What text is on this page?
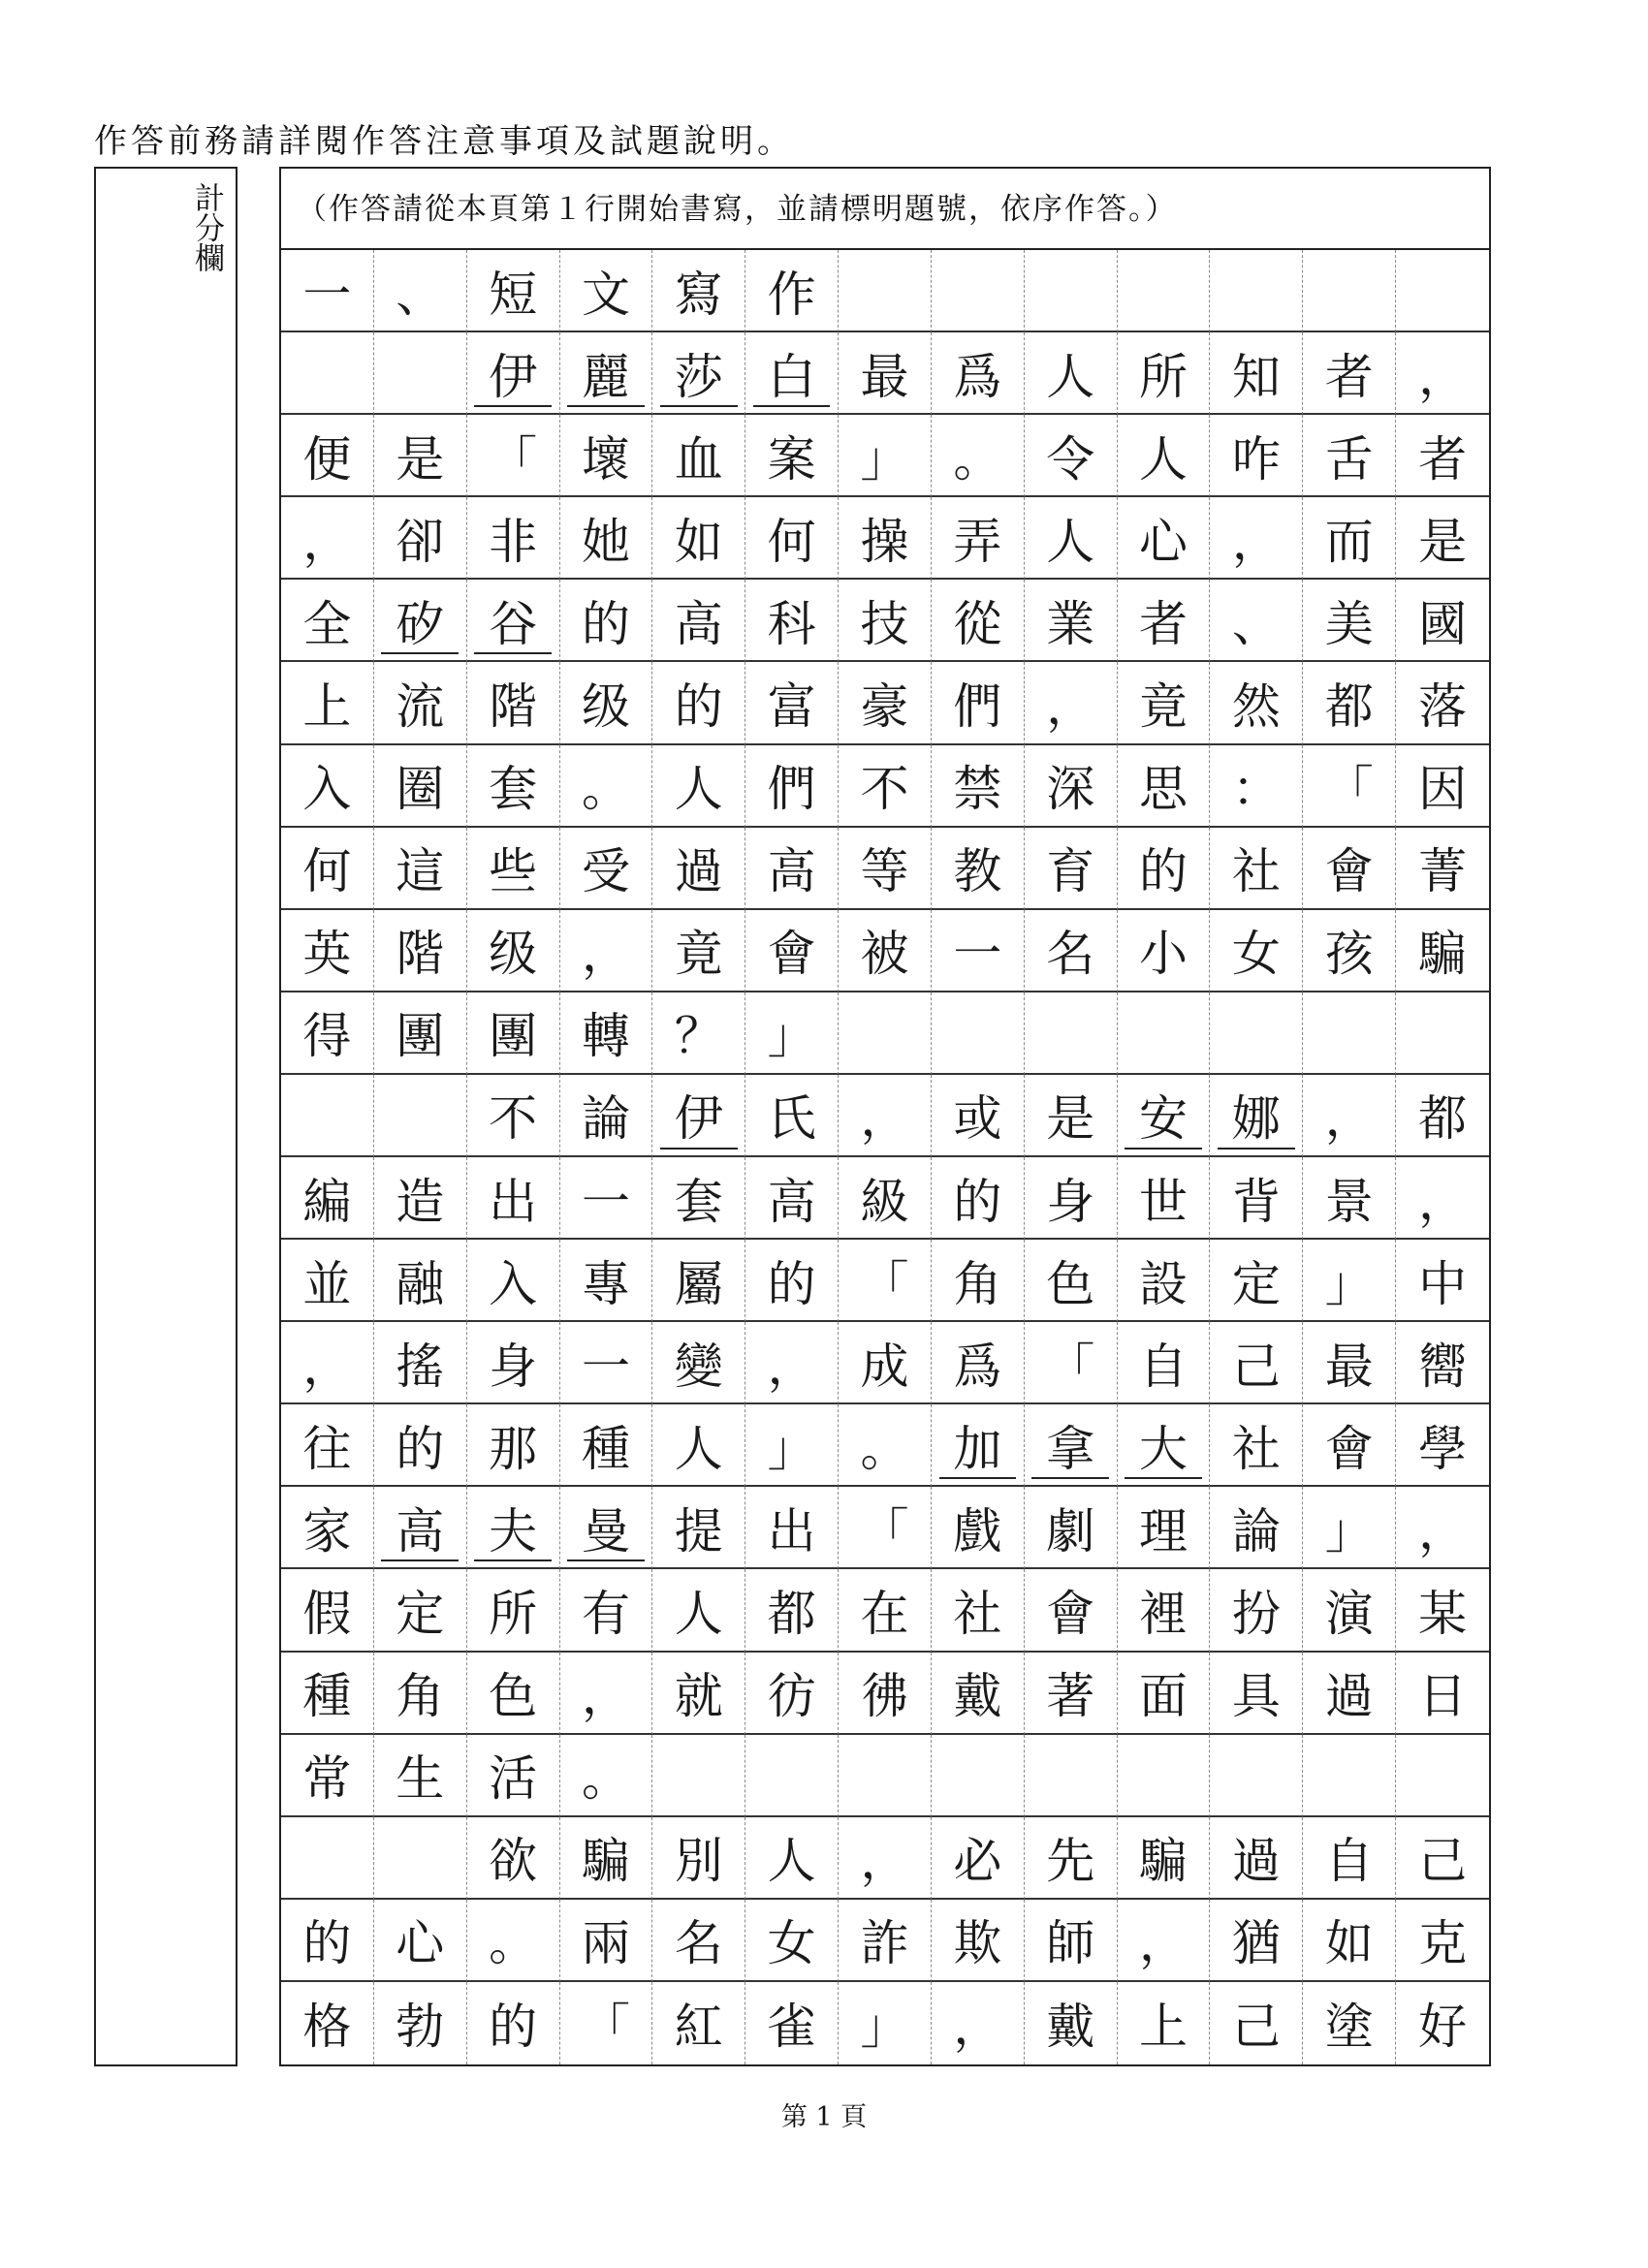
作答前務請詳閱作答注意事項及試題說明。
計分欄	（作答請從本頁第１行開始書寫，並請標明題號，依序作答。）
一 、 短 文 寫 作
伊 麗 莎 白 最 爲 人 所 知 者 ，
便 是 「 壞 血 案 」 。 令 人 咋 舌 者
， 卻 非 她 如 何 操 弄 人 心 ， 而 是
全 矽 谷 的 高 科 技 從 業 者 、 美 國
上 流 階 级 的 富 豪 們 ， 竟 然 都 落
入 圈 套 。 人 們 不 禁 深 思 ： 「 因
何 這 些 受 過 高 等 教 育 的 社 會 菁
英 階 级 ， 竟 會 被 一 名 小 女 孩 騙
得 團 團 轉 ？ 」
不 論 伊 氏 ， 或 是 安 娜 ， 都
編 造 出 一 套 高 級 的 身 世 背 景 ，
並 融 入 專 屬 的 「 角 色 設 定 」 中
， 搖 身 一 變 ， 成 爲 「 自 己 最 嚮
往 的 那 種 人 」 。 加 拿 大 社 會 學
家 高 夫 曼 提 出 「 戲 劇 理 論 」 ，
假 定 所 有 人 都 在 社 會 裡 扮 演 某
種 角 色 ， 就 彷 彿 戴 著 面 具 過 日
常 生 活 。
欲 騙 別 人 ， 必 先 騙 過 自 己
的 心 。 兩 名 女 詐 欺 師 ， 猶 如 克
格 勃 的 「 紅 雀 」 ， 戴 上 己 塗 好
第 1 頁
